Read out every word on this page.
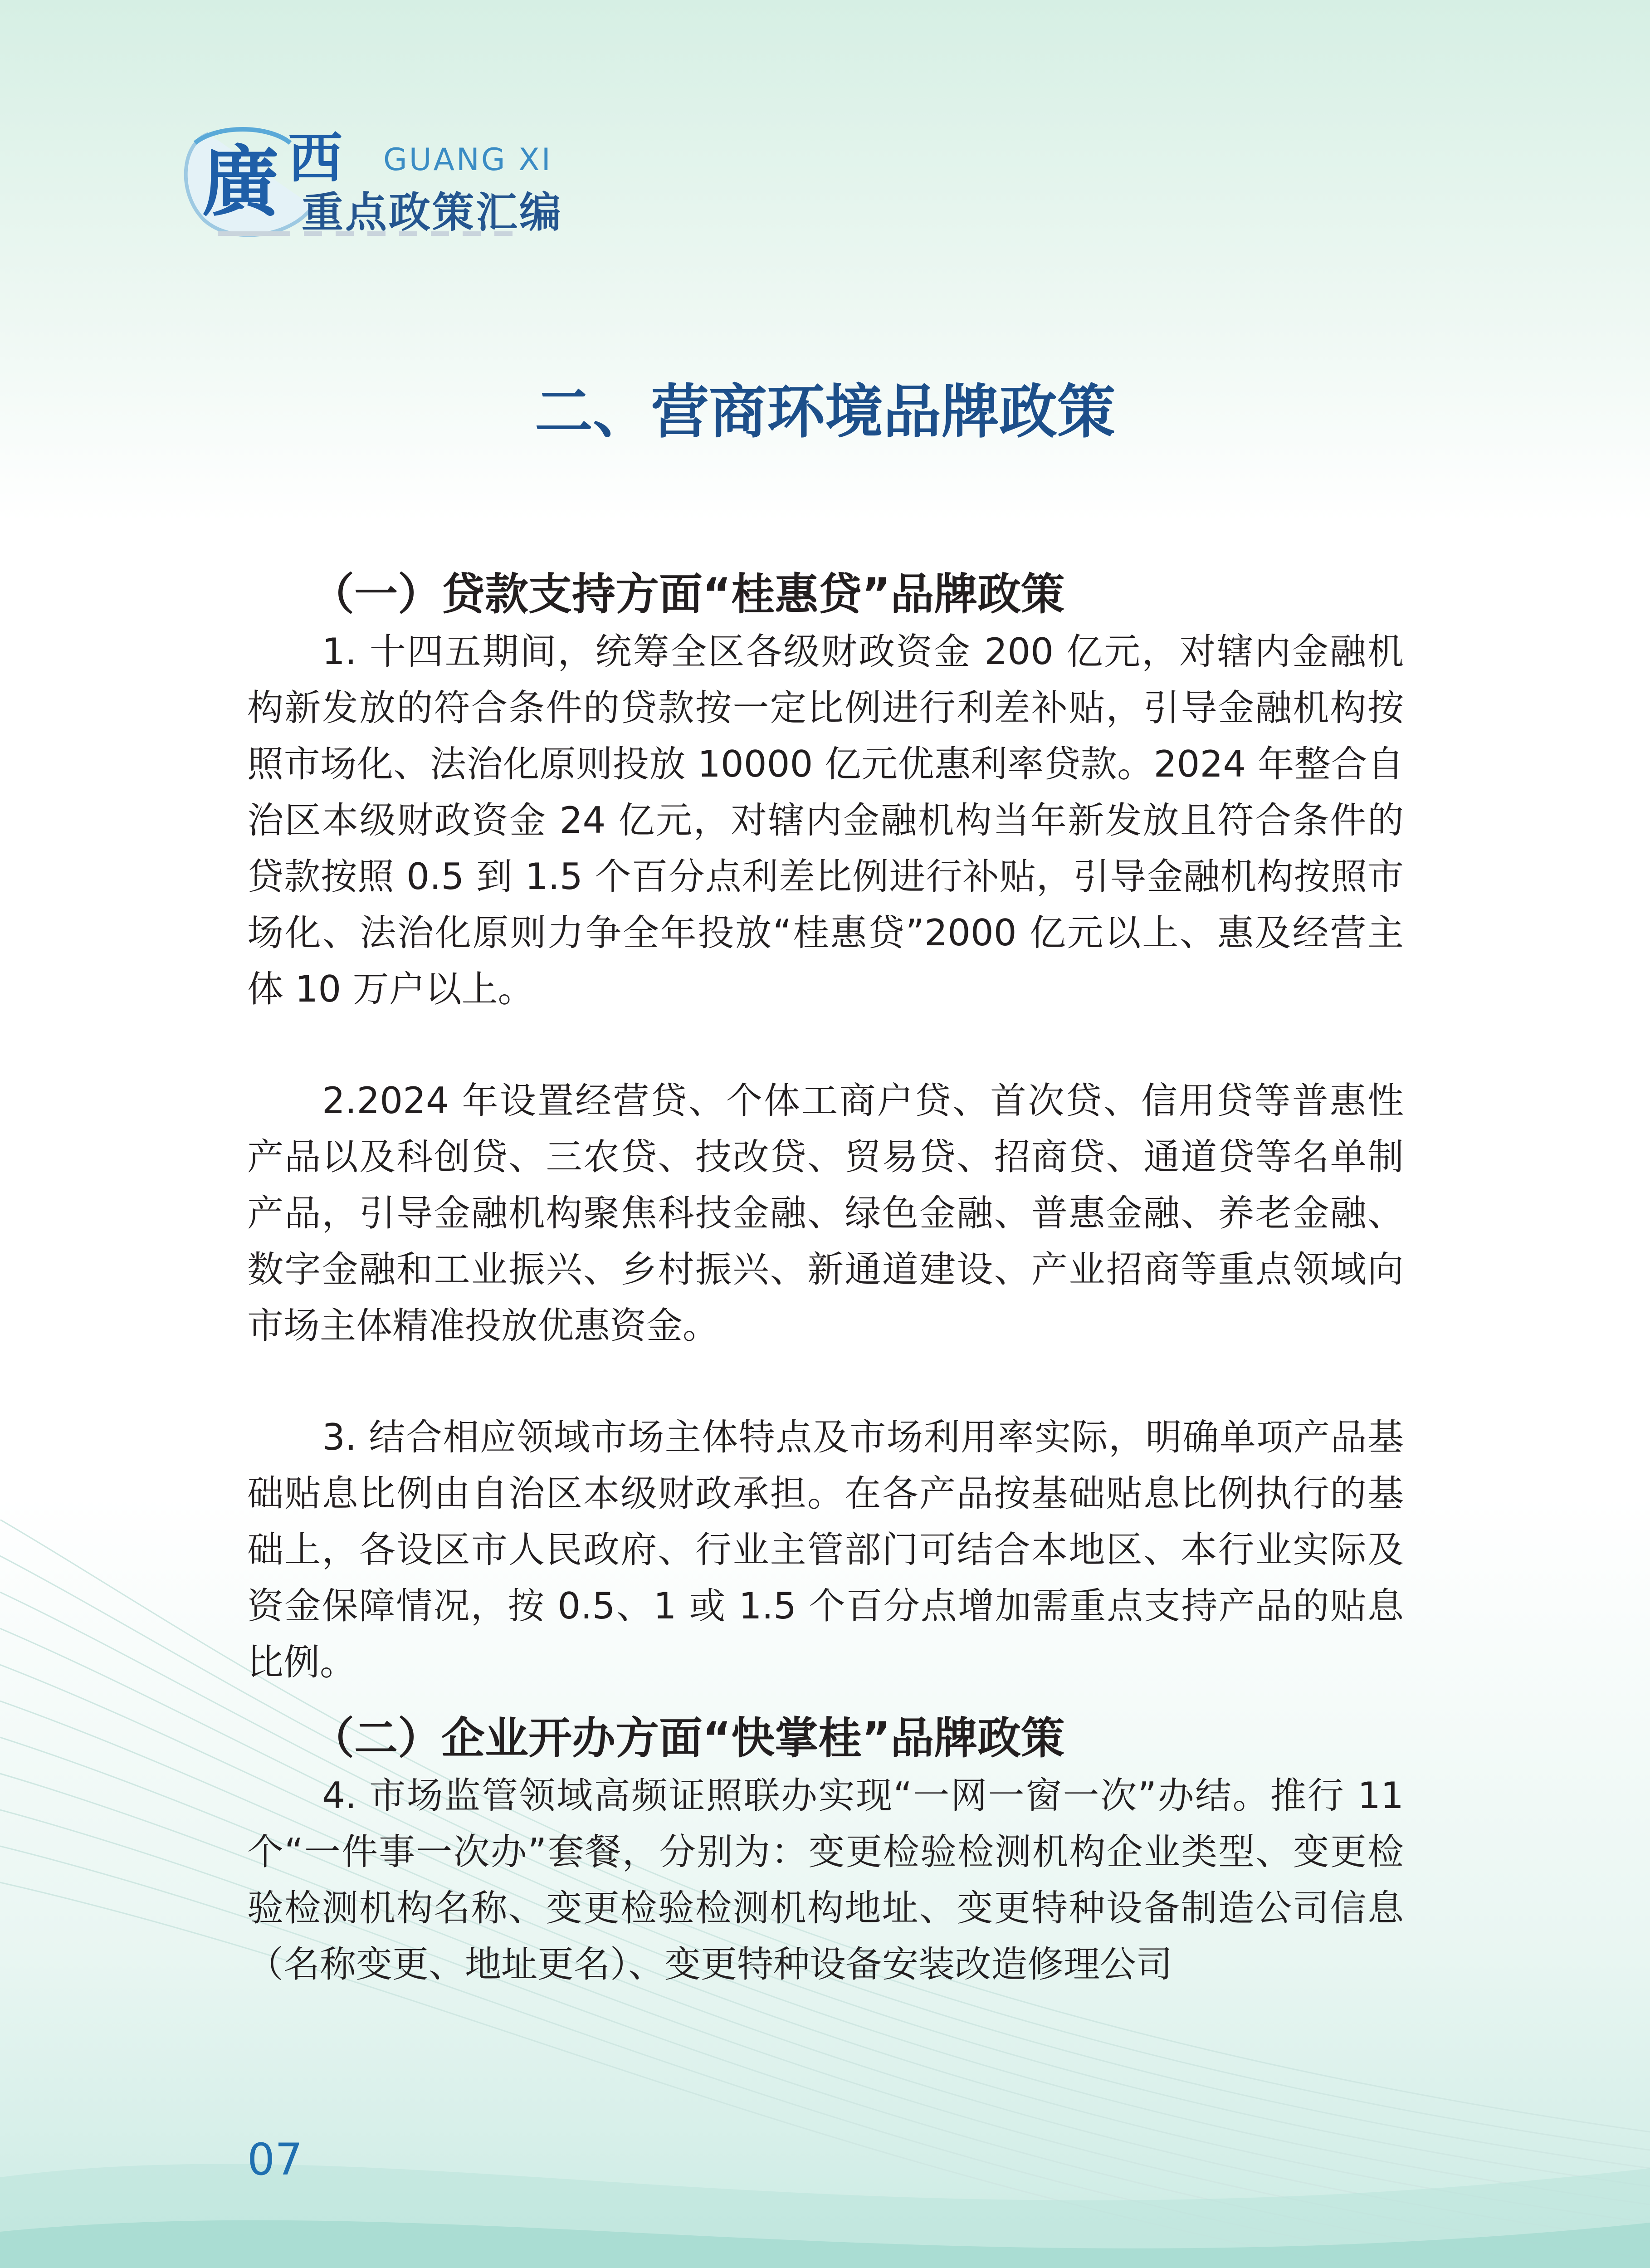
廣 西 GUANG XI
重点政策汇编
二、营商环境品牌政策
（一）贷款支持方面“桂惠贷”品牌政策

1. 十四五期间，统筹全区各级财政资金 200 亿元，对辖内金融机构新发放的符合条件的贷款按一定比例进行利差补贴，引导金融机构按照市场化、法治化原则投放 10000 亿元优惠利率贷款。2024 年整合自治区本级财政资金 24 亿元，对辖内金融机构当年新发放且符合条件的贷款按照 0.5 到 1.5 个百分点利差比例进行补贴，引导金融机构按照市场化、法治化原则力争全年投放“桂惠贷”2000 亿元以上、惠及经营主体 10 万户以上。

2.2024 年设置经营贷、个体工商户贷、首次贷、信用贷等普惠性产品以及科创贷、三农贷、技改贷、贸易贷、招商贷、通道贷等名单制产品，引导金融机构聚焦科技金融、绿色金融、普惠金融、养老金融、数字金融和工业振兴、乡村振兴、新通道建设、产业招商等重点领域向市场主体精准投放优惠资金。

3. 结合相应领域市场主体特点及市场利用率实际，明确单项产品基础贴息比例由自治区本级财政承担。在各产品按基础贴息比例执行的基础上，各设区市人民政府、行业主管部门可结合本地区、本行业实际及资金保障情况，按 0.5、1 或 1.5 个百分点增加需重点支持产品的贴息比例。

（二）企业开办方面“快掌桂”品牌政策

4. 市场监管领域高频证照联办实现“一网一窗一次”办结。推行 11 个“一件事一次办”套餐，分别为：变更检验检测机构企业类型、变更检验检测机构名称、变更检验检测机构地址、变更特种设备制造公司信息（名称变更、地址更名）、变更特种设备安装改造修理公司

07
